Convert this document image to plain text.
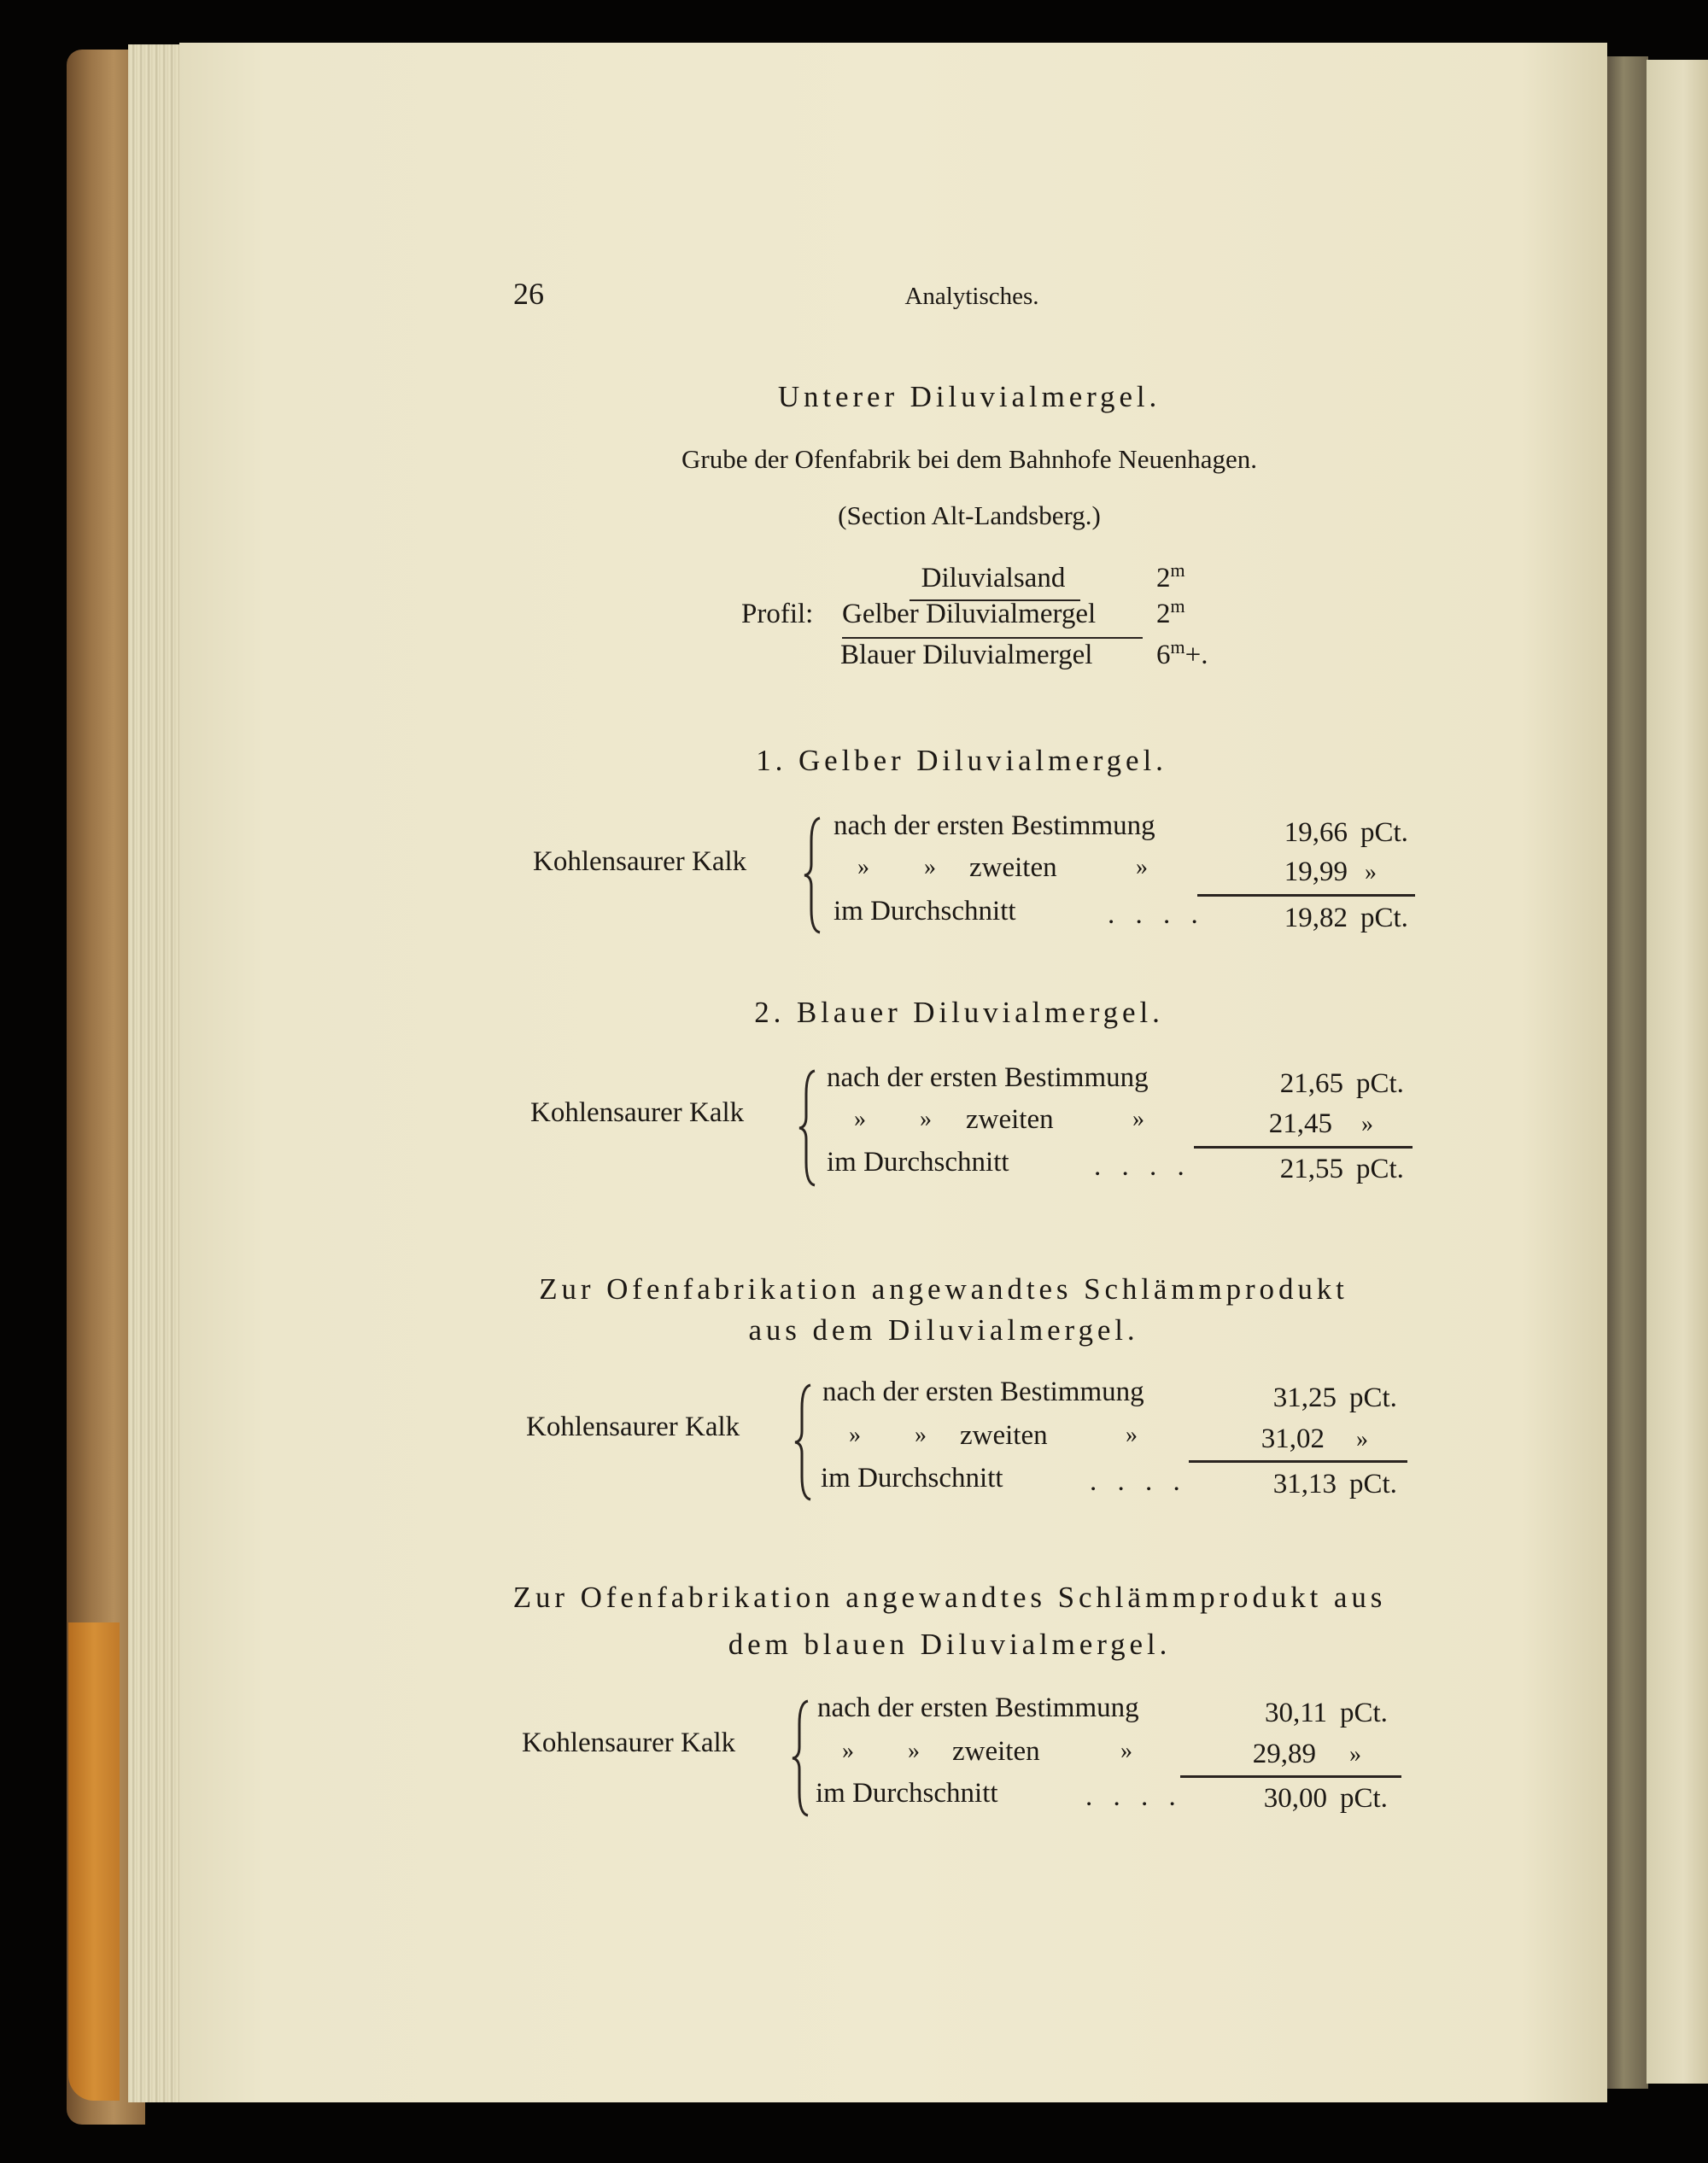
26	Analytisches.
Unterer Diluvialmergel.
Grube der Ofenfabrik bei dem Bahnhofe Neuenhagen.
(Section Alt-Landsberg.)
Profil:
Diluvialsand	2$^m$
Gelber Diluvialmergel 2$^m$
Blauer Diluvialmergel $6^m+$.
1. Gelber Diluvialmergel.
Kohlensaurer Kalk
nach der ersten Bestimmung	19,66 pCt.
» » zweiten	»	19,99 »
im Durchschnitt	. . . .	19,82 pCt.
2. Blauer Diluvialmergel.
Kohlensaurer Kalk
nach der ersten Bestimmung	21,65 pCt.
» » zweiten	»	21,45 »
im Durchschnitt	. . . .	21,55 pCt.
Zur Ofenfabrikation angewandtes Schlämmprodukt
aus dem Diluvialmergel.
Kohlensaurer Kalk
nach der ersten Bestimmung	31,25 pCt.
» » zweiten	»	31,02 »
im Durchschnitt	. . . .	31,13 pCt.
Zur Ofenfabrikation angewandtes Schlämmprodukt aus
dem blauen Diluvialmergel.
Kohlensaurer Kalk
nach der ersten Bestimmung	30,11 pCt.
» » zweiten	»	29,89 »
im Durchschnitt	. . . .	30,00 pCt.
